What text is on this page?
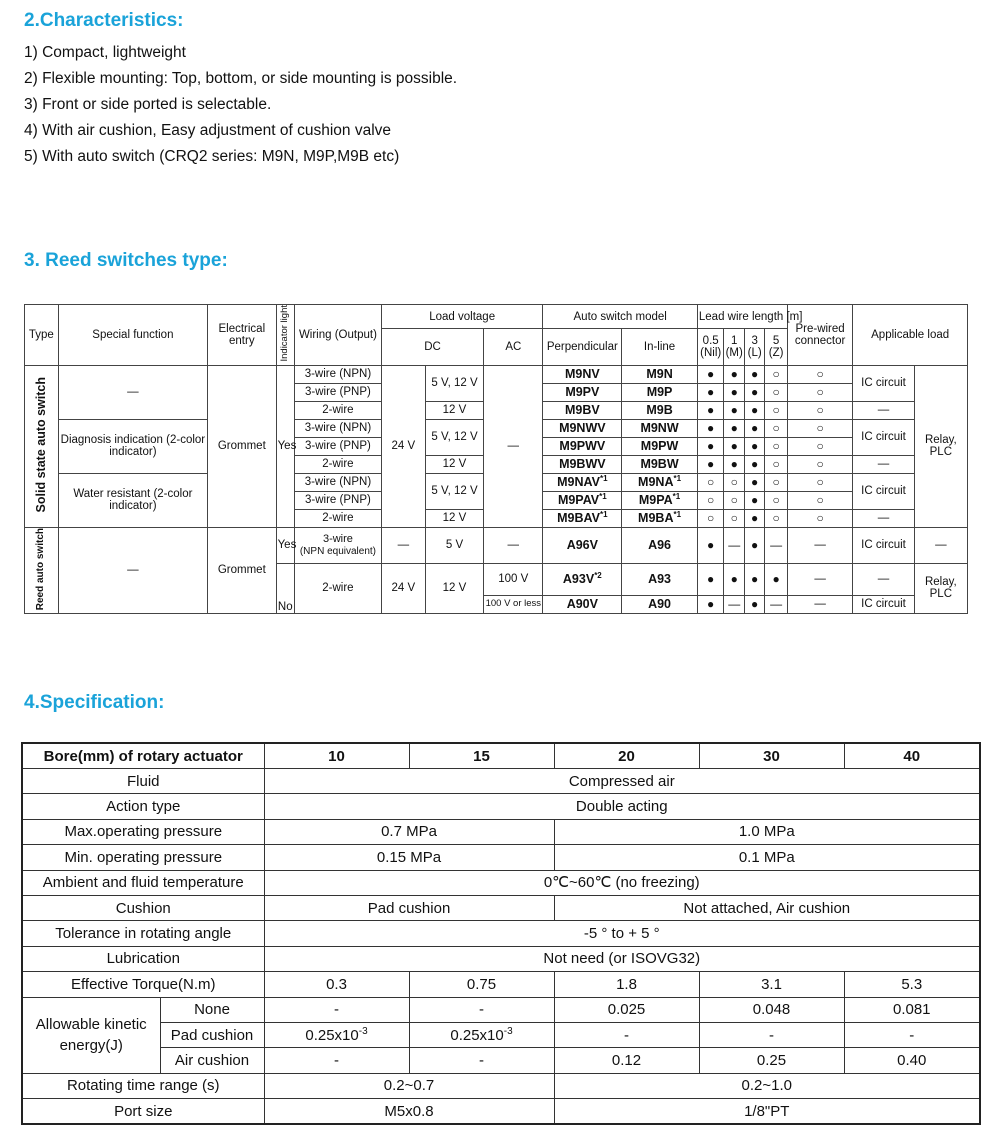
2.Characteristics:
1) Compact, lightweight
2) Flexible mounting: Top, bottom, or side mounting is possible.
3) Front or side ported is selectable.
4) With air cushion, Easy adjustment of cushion valve
5) With auto switch (CRQ2 series: M9N, M9P,M9B etc)
3. Reed switches type:
Type	Special function	Electrical entry	Indicator light	Wiring (Output)	Load voltage			Auto switch model		Lead wire length [m]				Pre-wired connector	Applicable load	
					DC		AC	Perpendicular	In-line	0.5 (Nil)	1 (M)	3 (L)	5 (Z)			
Solid state auto switch	—	Grommet	Yes	3-wire (NPN)	24 V	5 V, 12 V	—	M9NV	M9N	●	●	●	○	○	IC circuit	Relay, PLC
				3-wire (PNP)				M9PV	M9P	●	●	●	○	○		
				2-wire		12 V		M9BV	M9B	●	●	●	○	○	—	
	Diagnosis indication (2-color indicator)			3-wire (NPN)		5 V, 12 V		M9NWV	M9NW	●	●	●	○	○	IC circuit	
				3-wire (PNP)				M9PWV	M9PW	●	●	●	○	○		
				2-wire		12 V		M9BWV	M9BW	●	●	●	○	○	—	
	Water resistant (2-color indicator)			3-wire (NPN)		5 V, 12 V		M9NAV$^{*1}$	M9NA$^{*1}$	○	○	●	○	○	IC circuit	
				3-wire (PNP)				M9PAV$^{*1}$	M9PA$^{*1}$	○	○	●	○	○		
				2-wire		12 V		M9BAV$^{*1}$	M9BA$^{*1}$	○	○	●	○	○	—	
Reed auto switch	—	Grommet	Yes	3-wire
(NPN equivalent)	—	5 V	—	A96V	A96	●	—	●	—	—	IC circuit	—
			No	2-wire	24 V	12 V	100 V	$A93V^{*2}$	A93	●	●	●	●	—	—	Relay, PLC
							100 V or less	A90V	A90	●	—	●	—	—	IC circuit	
4.Specification:
Bore(mm) of rotary actuator		10	15	20	30	40
Fluid		Compressed air				
Action type		Double acting				
Max.operating pressure		0.7 MPa		1.0 MPa		
Min. operating pressure		0.15 MPa		0.1 MPa		
Ambient and fluid temperature		0℃~60℃ (no freezing)				
Cushion		Pad cushion		Not attached, Air cushion		
Tolerance in rotating angle		-5 ° to + 5 °				
Lubrication		Not need (or ISOVG32)				
Effective Torque(N.m)		0.3	0.75	1.8	3.1	5.3
Allowable kinetic energy(J)	None	-	-	0.025	0.048	0.081
	Pad cushion	$0.25x10^{-3}$	$0.25x10^{-3}$	-	-	-
	Air cushion	-	-	0.12	0.25	0.40
Rotating time range (s)		0.2~0.7		0.2~1.0		
Port size		M5x0.8		1/8"PT		
